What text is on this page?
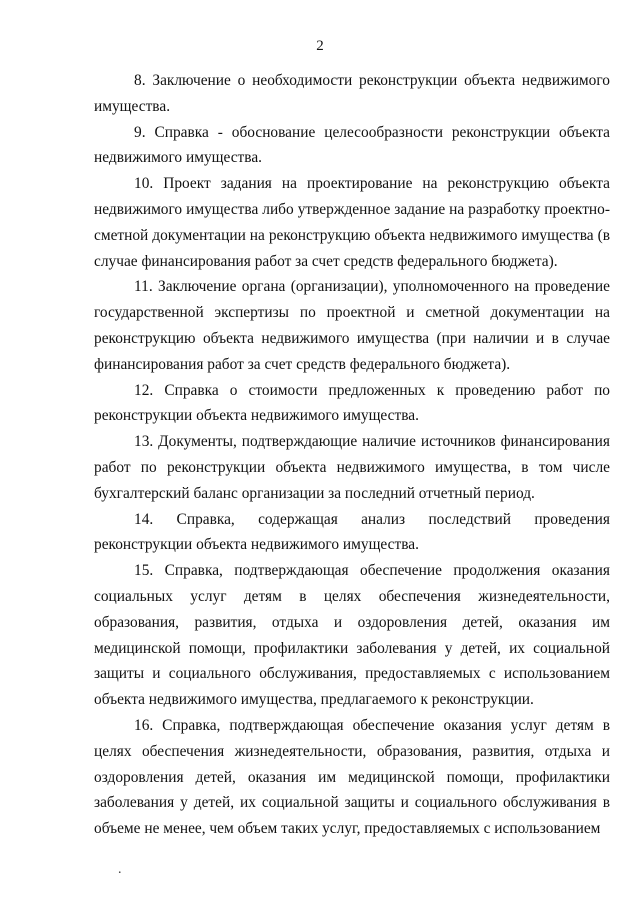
2

8. Заключение о необходимости реконструкции объекта недвижимого имущества.

9. Справка - обоснование целесообразности реконструкции объекта недвижимого имущества.

10. Проект задания на проектирование на реконструкцию объекта недвижимого имущества либо утвержденное задание на разработку проектно-сметной документации на реконструкцию объекта недвижимого имущества (в случае финансирования работ за счет средств федерального бюджета).

11. Заключение органа (организации), уполномоченного на проведение государственной экспертизы по проектной и сметной документации на реконструкцию объекта недвижимого имущества (при наличии и в случае финансирования работ за счет средств федерального бюджета).

12. Справка о стоимости предложенных к проведению работ по реконструкции объекта недвижимого имущества.

13. Документы, подтверждающие наличие источников финансирования работ по реконструкции объекта недвижимого имущества, в том числе бухгалтерский баланс организации за последний отчетный период.

14. Справка, содержащая анализ последствий проведения реконструкции объекта недвижимого имущества.

15. Справка, подтверждающая обеспечение продолжения оказания социальных услуг детям в целях обеспечения жизнедеятельности, образования, развития, отдыха и оздоровления детей, оказания им медицинской помощи, профилактики заболевания у детей, их социальной защиты и социального обслуживания, предоставляемых с использованием объекта недвижимого имущества, предлагаемого к реконструкции.

16. Справка, подтверждающая обеспечение оказания услуг детям в целях обеспечения жизнедеятельности, образования, развития, отдыха и оздоровления детей, оказания им медицинской помощи, профилактики заболевания у детей, их социальной защиты и социального обслуживания в объеме не менее, чем объем таких услуг, предоставляемых с использованием

.
